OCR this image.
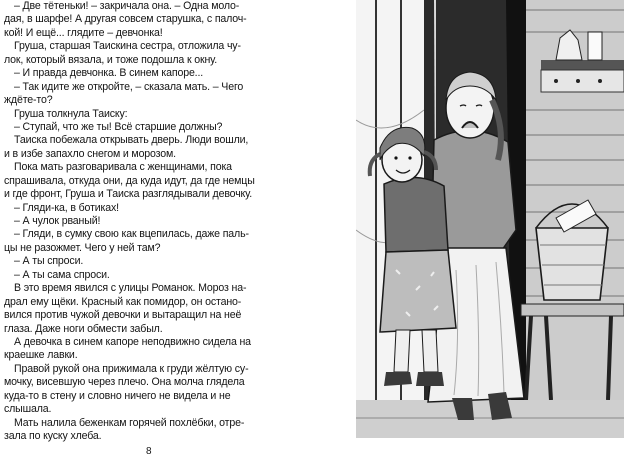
– Две тётеньки! – закричала она. – Одна моло-
дая, в шарфе! А другая совсем старушка, с палоч-
кой! И ещё... глядите – девчонка!
Груша, старшая Таискина сестра, отложила чу-
лок, который вязала, и тоже подошла к окну.
– И правда девчонка. В синем капоре...
– Так идите же откройте, – сказала мать. – Чего
ждёте-то?
Груша толкнула Таиску:
– Ступай, что же ты! Всё старшие должны?
Таиска побежала открывать дверь. Люди вошли,
и в избе запахло снегом и морозом.
Пока мать разговаривала с женщинами, пока
спрашивала, откуда они, да куда идут, да где немцы
и где фронт, Груша и Таиска разглядывали девочку.
– Гляди-ка, в ботиках!
– А чулок рваный!
– Гляди, в сумку свою как вцепилась, даже паль-
цы не разожмет. Чего у ней там?
– А ты спроси.
– А ты сама спроси.
В это время явился с улицы Романок. Мороз на-
драл ему щёки. Красный как помидор, он остано-
вился против чужой девочки и вытаращил на неё
глаза. Даже ноги обмести забыл.
А девочка в синем капоре неподвижно сидела на
краешке лавки.
Правой рукой она прижимала к груди жёлтую су-
мочку, висевшую через плечо. Она молча глядела
куда-то в стену и словно ничего не видела и не
слышала.
Мать налила беженкам горячей похлёбки, отре-
зала по куску хлеба.
8
